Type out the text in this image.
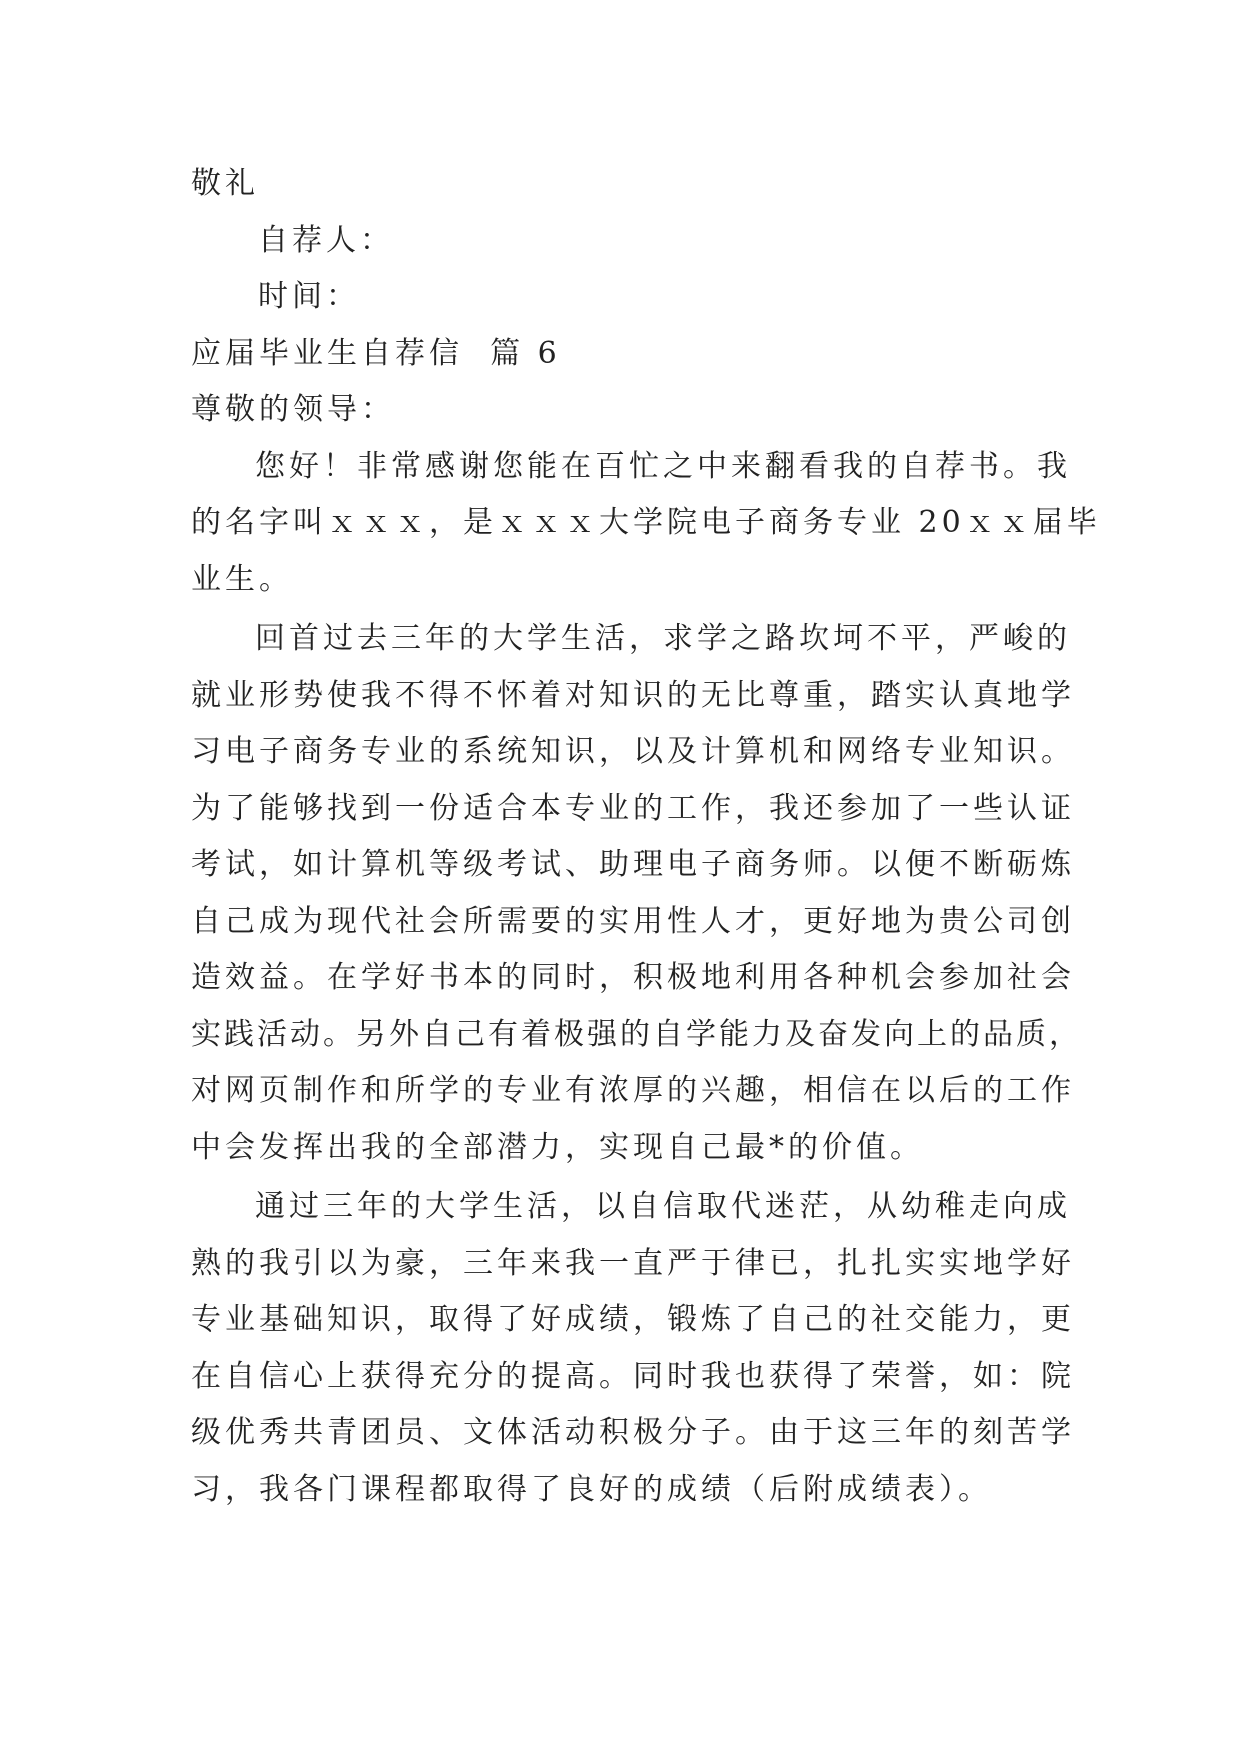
敬礼
自荐人：
时间：
应届毕业生自荐信  篇 6
尊敬的领导：
您好！非常感谢您能在百忙之中来翻看我的自荐书。我
的名字叫ｘｘｘ，是ｘｘｘ大学院电子商务专业 20ｘｘ届毕
业生。
回首过去三年的大学生活，求学之路坎坷不平，严峻的
就业形势使我不得不怀着对知识的无比尊重，踏实认真地学
习电子商务专业的系统知识，以及计算机和网络专业知识。
为了能够找到一份适合本专业的工作，我还参加了一些认证
考试，如计算机等级考试、助理电子商务师。以便不断砺炼
自己成为现代社会所需要的实用性人才，更好地为贵公司创
造效益。在学好书本的同时，积极地利用各种机会参加社会
实践活动。另外自己有着极强的自学能力及奋发向上的品质，
对网页制作和所学的专业有浓厚的兴趣，相信在以后的工作
中会发挥出我的全部潜力，实现自己最*的价值。
通过三年的大学生活，以自信取代迷茫，从幼稚走向成
熟的我引以为豪，三年来我一直严于律已，扎扎实实地学好
专业基础知识，取得了好成绩，锻炼了自己的社交能力，更
在自信心上获得充分的提高。同时我也获得了荣誉，如：院
级优秀共青团员、文体活动积极分子。由于这三年的刻苦学
习，我各门课程都取得了良好的成绩（后附成绩表）。
